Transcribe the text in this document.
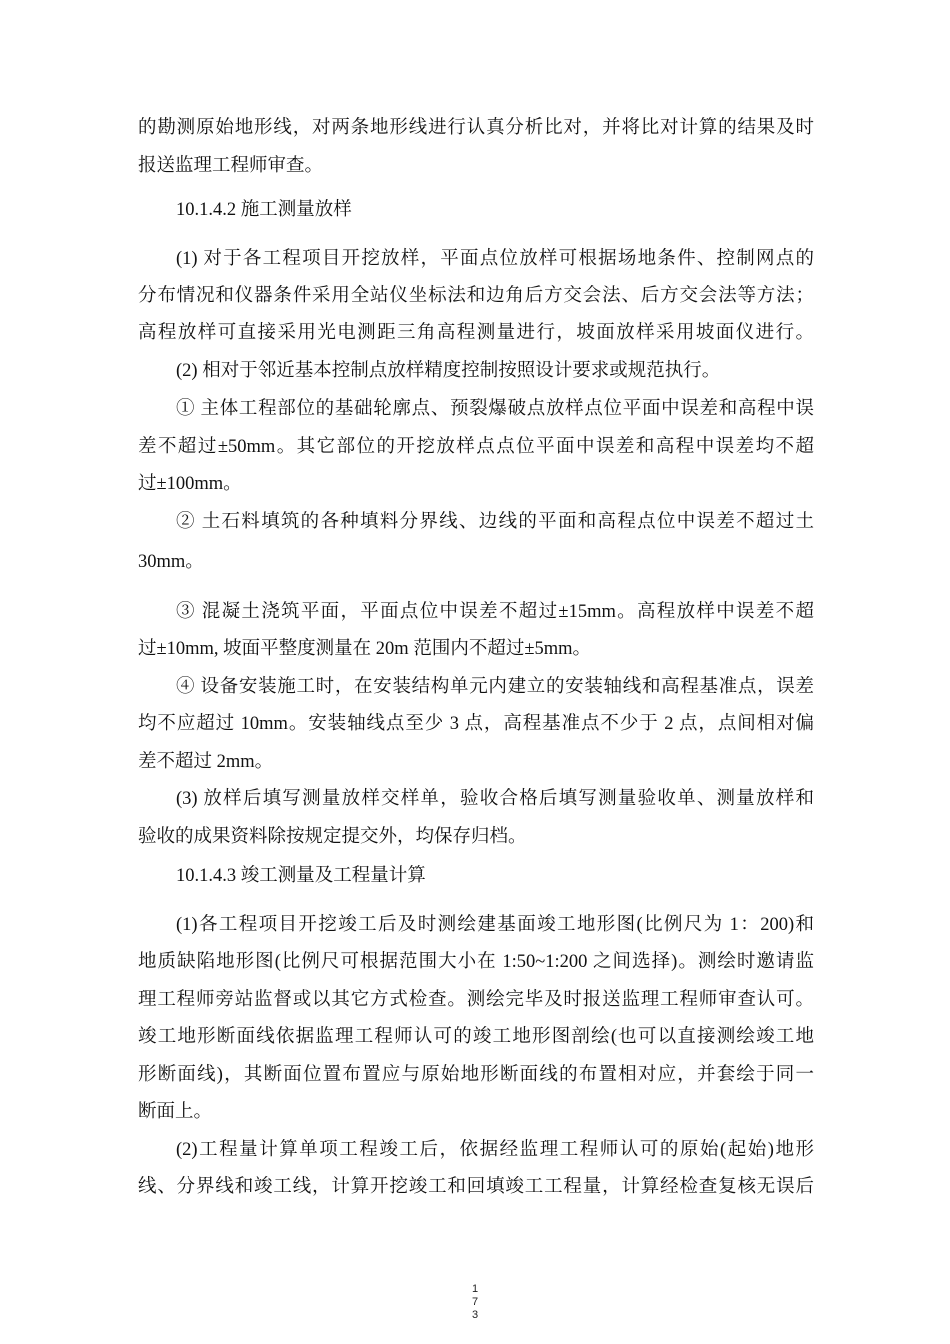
的勘测原始地形线，对两条地形线进行认真分析比对，并将比对计算的结果及时
报送监理工程师审查。
10.1.4.2 施工测量放样
(1) 对于各工程项目开挖放样，平面点位放样可根据场地条件、控制网点的
分布情况和仪器条件采用全站仪坐标法和边角后方交会法、后方交会法等方法；
高程放样可直接采用光电测距三角高程测量进行，坡面放样采用坡面仪进行。
(2) 相对于邻近基本控制点放样精度控制按照设计要求或规范执行。
① 主体工程部位的基础轮廓点、预裂爆破点放样点位平面中误差和高程中误
差不超过±50mm。其它部位的开挖放样点点位平面中误差和高程中误差均不超
过±100mm。
② 土石料填筑的各种填料分界线、边线的平面和高程点位中误差不超过土
30mm。
③ 混凝土浇筑平面，平面点位中误差不超过±15mm。高程放样中误差不超
过±10mm, 坡面平整度测量在 20m 范围内不超过±5mm。
④ 设备安装施工时，在安装结构单元内建立的安装轴线和高程基准点，误差
均不应超过 10mm。安装轴线点至少 3 点，高程基准点不少于 2 点，点间相对偏
差不超过 2mm。
(3) 放样后填写测量放样交样单，验收合格后填写测量验收单、测量放样和
验收的成果资料除按规定提交外，均保存归档。
10.1.4.3 竣工测量及工程量计算
(1)各工程项目开挖竣工后及时测绘建基面竣工地形图(比例尺为 1：200)和
地质缺陷地形图(比例尺可根据范围大小在 1:50~1:200 之间选择)。测绘时邀请监
理工程师旁站监督或以其它方式检查。测绘完毕及时报送监理工程师审查认可。
竣工地形断面线依据监理工程师认可的竣工地形图剖绘(也可以直接测绘竣工地
形断面线)，其断面位置布置应与原始地形断面线的布置相对应，并套绘于同一
断面上。
(2)工程量计算单项工程竣工后，依据经监理工程师认可的原始(起始)地形
线、分界线和竣工线，计算开挖竣工和回填竣工工程量，计算经检查复核无误后
1
7
3
